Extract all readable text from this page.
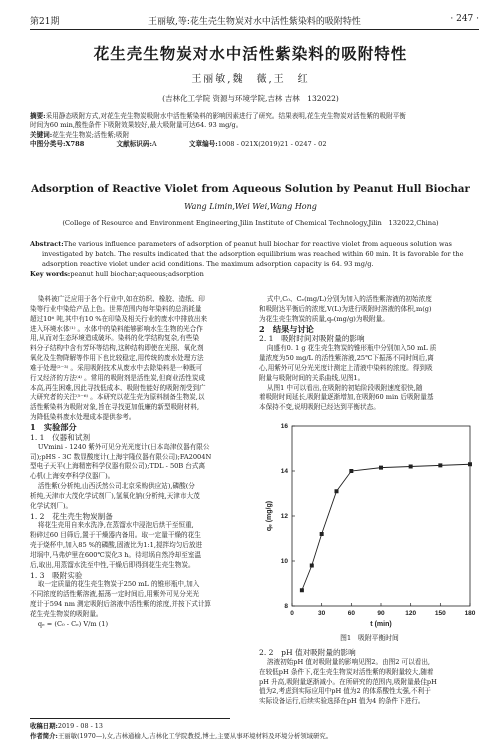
第21期	王丽敏,等:花生壳生物炭对水中活性紫染料的吸附特性	· 247 ·
花生壳生物炭对水中活性紫染料的吸附特性
王丽敏,魏　薇,王　红
(吉林化工学院 资源与环境学院,吉林 吉林　132022)
摘要:采用静态吸附方式,对花生壳生物炭吸附水中活性紫染料的影响因素进行了研究。结果表明,花生壳生物炭对活性紫的吸附平衡
时间为60 min,酸性条件下吸附效果较好,最大吸附量可达64. 93 mg/g。
关键词:花生壳生物炭;活性紫;吸附
中图分类号:X788	文献标识码:A	文章编号:1008 - 021X(2019)21 - 0247 - 02
Adsorption of Reactive Violet from Aqueous Solution by Peanut Hull Biochar
Wang Limin,Wei Wei,Wang Hong
(College of Resource and Environment Engineering,Jilin Institute of Chemical Technology,Jilin　132022,China)
Abstract:The various influence parameters of adsorption of peanut hull biochar for reactive violet from aqueous solution was
investigated by batch. The results indicated that the adsorption equilibrium was reached within 60 min. It is favorable for the
adsorption reactive violet under acid conditions. The maximum adsorption capacity is 64. 93 mg/g.
Key words:peanut hull biochar;aqueous;adsorption
染料被广泛应用于各个行业中,如在纺织、橡胶、造纸、印
染等行业中染给产品上色。世界范围内每年染料的总消耗量
超过10⁶ 吨,其中有10 %在印染及相关行业的废水中排放出来
进入环境水体⁽¹⁾ 。水体中的染料能够影响水生生物的光合作
用,从而对生态环境造成破坏。染料的化学结构复杂,有些染
料分子结构中含有芳环等结构,这种结构即使在光照、氧化剂
氧化及生物降解等作用下也比较稳定,用传统的废水处理方法
难于处理⁽²⁻³⁾ 。采用吸附技术从废水中去除染料是一种既可
行又经济的方法⁽⁴⁾ 。常用的吸附剂是活性炭,但商业活性炭成
本高,再生困难,因此寻找低成本、吸附性能好的吸附剂受到广
大研究者的关注⁽⁵⁻⁶⁾ 。本研究以花生壳为原料制备生物炭,以
活性紫染料为吸附对象,旨在寻找更加低廉的新型吸附材料,
为降低染料废水处理成本提供参考。
1　实验部分
1. 1　仪器和试剂
UVmini - 1240 紫外可见分光光度计(日本岛津仪器有限公
司);pHS - 3C 数显酸度计(上海宇隆仪器有限公司);FA2004N
型电子天平(上海精密科学仪器有限公司);TDL - 50B 台式离
心机(上海安亭科学仪器厂)。
活性紫(分析纯,山西沃然公司北京采购供应站),磷酸(分
析纯,天津市大茂化学试剂厂),氢氧化钠(分析纯,天津市大茂
化学试剂厂)。
1. 2　花生壳生物炭制备
将花生壳用自来水洗净,在蒸馏水中浸泡后烘干至恒重,
粉碎过60 目筛后,置于干燥器内备用。取一定量干燥的花生
壳于烧杯中,加入85 %的磷酸,固液比为1:1,搅拌均匀后放进
坩埚中,马弗炉里在600℃炭化3 h。待坩埚自然冷却至室温
后,取出,用蒸馏水洗至中性,干燥后即得到花生壳生物炭。
1. 3　吸附实验
取一定质量的花生壳生物炭于250 mL 的锥形瓶中,加入
不同浓度的活性紫溶液,振荡一定时间后,用紫外可见分光光
度计于594 nm 测定吸附后溶液中活性紫的浓度,并按下式计算
花生壳生物炭的吸附量。
qₑ = (C₀ - Cₑ) V/m (1)
式中,C₀、Cₑ(mg/L)分别为加入的活性紫溶液的初始浓度
和吸附达平衡后的浓度,V(L)为进行吸附时溶液的体积,m(g)
为花生壳生物炭的质量,qₑ(mg/g)为吸附量。
2　结果与讨论
2. 1　吸附时间对吸附量的影响
向盛有0. 1 g 花生壳生物炭的锥形瓶中分别加入50 mL 质
量浓度为50 mg/L 的活性紫溶液,25℃下振荡不同时间后,离
心,用紫外可见分光光度计测定上清液中染料的浓度。得到吸
附量与吸附时间的关系曲线,见图1。
从图1 中可以看出,在吸附的初始阶段吸附速度很快,随
着吸附时间延长,吸附量逐渐增加,在吸附60 min 后吸附量基
本保持不变,说明吸附已经达到平衡状态。
0	30	60	90	120	150	180
8
10
12
14
16
t (min)
qₑ (mg/g)
图1　吸附平衡时间
2. 2　pH 值对吸附量的影响
溶液初始pH 值对吸附量的影响见图2。由图2 可以看出,
在较低pH 条件下,花生壳生物炭对活性紫的吸附量较大,随着
pH 升高,吸附量逐渐减小。在所研究的范围内,吸附量最佳pH
值为2,考虑到实际应用中pH 值为2 的体系酸性太强,不利于
实际设备运行,后续实验选择在pH 值为4 的条件下进行。
收稿日期:2019 - 08 - 13
作者简介:王丽敏(1970—),女,吉林通榆人,吉林化工学院教授,博士,主要从事环境材料及环境分析领域研究。
